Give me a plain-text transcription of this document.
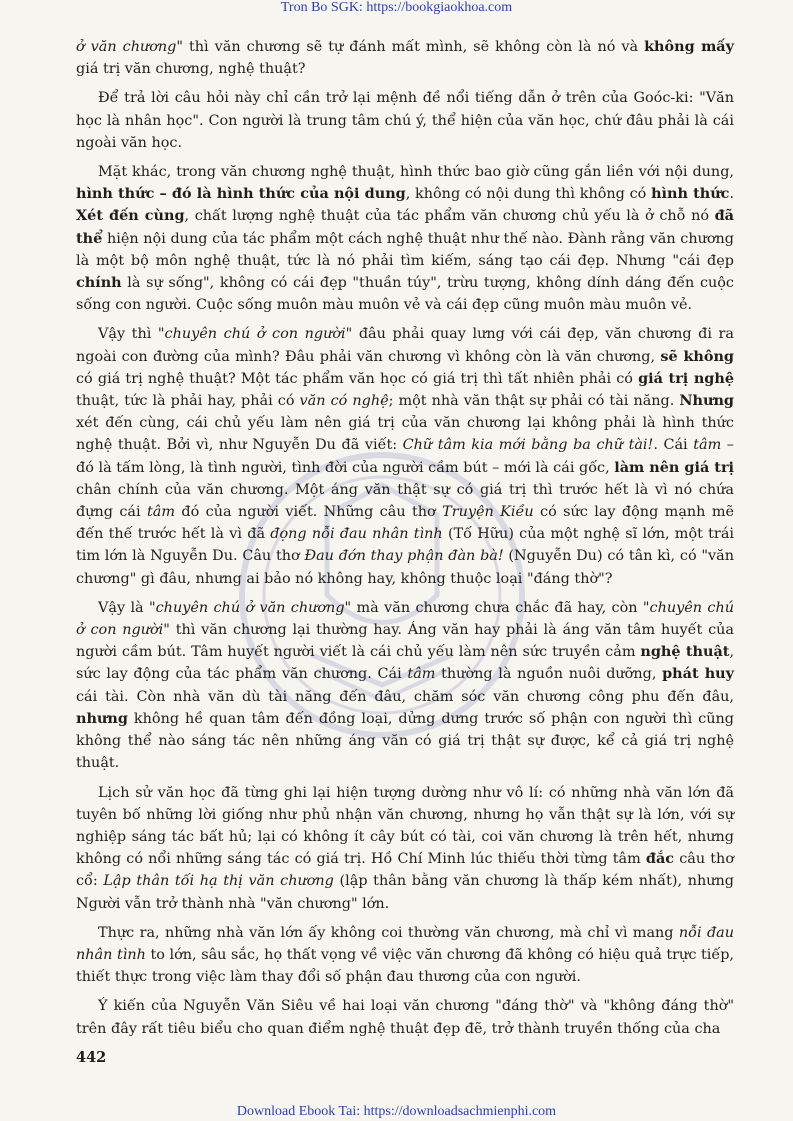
Tron Bo SGK: https://bookgiaokhoa.com

ở văn chương" thì văn chương sẽ tự đánh mất mình, sẽ không còn là nó và không mấy giá trị văn chương, nghệ thuật?

Để trả lời câu hỏi này chỉ cần trở lại mệnh đề nổi tiếng dẫn ở trên của Goóc-ki: "Văn học là nhân học". Con người là trung tâm chú ý, thể hiện của văn học, chứ đâu phải là cái ngoài văn học.

Mặt khác, trong văn chương nghệ thuật, hình thức bao giờ cũng gắn liền với nội dung, hình thức – đó là hình thức của nội dung, không có nội dung thì không có hình thức. Xét đến cùng, chất lượng nghệ thuật của tác phẩm văn chương chủ yếu là ở chỗ nó đã thể hiện nội dung của tác phẩm một cách nghệ thuật như thế nào. Đành rằng văn chương là một bộ môn nghệ thuật, tức là nó phải tìm kiếm, sáng tạo cái đẹp. Nhưng "cái đẹp chính là sự sống", không có cái đẹp "thuần túy", trừu tượng, không dính dáng đến cuộc sống con người. Cuộc sống muôn màu muôn vẻ và cái đẹp cũng muôn màu muôn vẻ.

Vậy thì "chuyên chú ở con người" đâu phải quay lưng với cái đẹp, văn chương đi ra ngoài con đường của mình? Đâu phải văn chương vì không còn là văn chương, sẽ không có giá trị nghệ thuật? Một tác phẩm văn học có giá trị thì tất nhiên phải có giá trị nghệ thuật, tức là phải hay, phải có văn có nghệ; một nhà văn thật sự phải có tài năng. Nhưng xét đến cùng, cái chủ yếu làm nên giá trị của văn chương lại không phải là hình thức nghệ thuật. Bởi vì, như Nguyễn Du đã viết: Chữ tâm kia mới bằng ba chữ tài!. Cái tâm – đó là tấm lòng, là tình người, tình đời của người cầm bút – mới là cái gốc, làm nên giá trị chân chính của văn chương. Một áng văn thật sự có giá trị thì trước hết là vì nó chứa đựng cái tâm đó của người viết. Những câu thơ Truyện Kiều có sức lay động mạnh mẽ đến thế trước hết là vì đã đọng nỗi đau nhân tình (Tố Hữu) của một nghệ sĩ lớn, một trái tim lớn là Nguyễn Du. Câu thơ Đau đớn thay phận đàn bà! (Nguyễn Du) có tân kì, có "văn chương" gì đâu, nhưng ai bảo nó không hay, không thuộc loại "đáng thờ"?

Vậy là "chuyên chú ở văn chương" mà văn chương chưa chắc đã hay, còn "chuyên chú ở con người" thì văn chương lại thường hay. Áng văn hay phải là áng văn tâm huyết của người cầm bút. Tâm huyết người viết là cái chủ yếu làm nên sức truyền cảm nghệ thuật, sức lay động của tác phẩm văn chương. Cái tâm thường là nguồn nuôi dưỡng, phát huy cái tài. Còn nhà văn dù tài năng đến đâu, chăm sóc văn chương công phu đến đâu, nhưng không hề quan tâm đến đồng loại, dửng dưng trước số phận con người thì cũng không thể nào sáng tác nên những áng văn có giá trị thật sự được, kể cả giá trị nghệ thuật.

Lịch sử văn học đã từng ghi lại hiện tượng dường như vô lí: có những nhà văn lớn đã tuyên bố những lời giống như phủ nhận văn chương, nhưng họ vẫn thật sự là lớn, với sự nghiệp sáng tác bất hủ; lại có không ít cây bút có tài, coi văn chương là trên hết, nhưng không có nổi những sáng tác có giá trị. Hồ Chí Minh lúc thiếu thời từng tâm đắc câu thơ cổ: Lập thân tối hạ thị văn chương (lập thân bằng văn chương là thấp kém nhất), nhưng Người vẫn trở thành nhà "văn chương" lớn.

Thực ra, những nhà văn lớn ấy không coi thường văn chương, mà chỉ vì mang nỗi đau nhân tình to lớn, sâu sắc, họ thất vọng về việc văn chương đã không có hiệu quả trực tiếp, thiết thực trong việc làm thay đổi số phận đau thương của con người.

Ý kiến của Nguyễn Văn Siêu về hai loại văn chương "đáng thờ" và "không đáng thờ" trên đây rất tiêu biểu cho quan điểm nghệ thuật đẹp đẽ, trở thành truyền thống của cha

442
Download Ebook Tai: https://downloadsachmienphi.com
